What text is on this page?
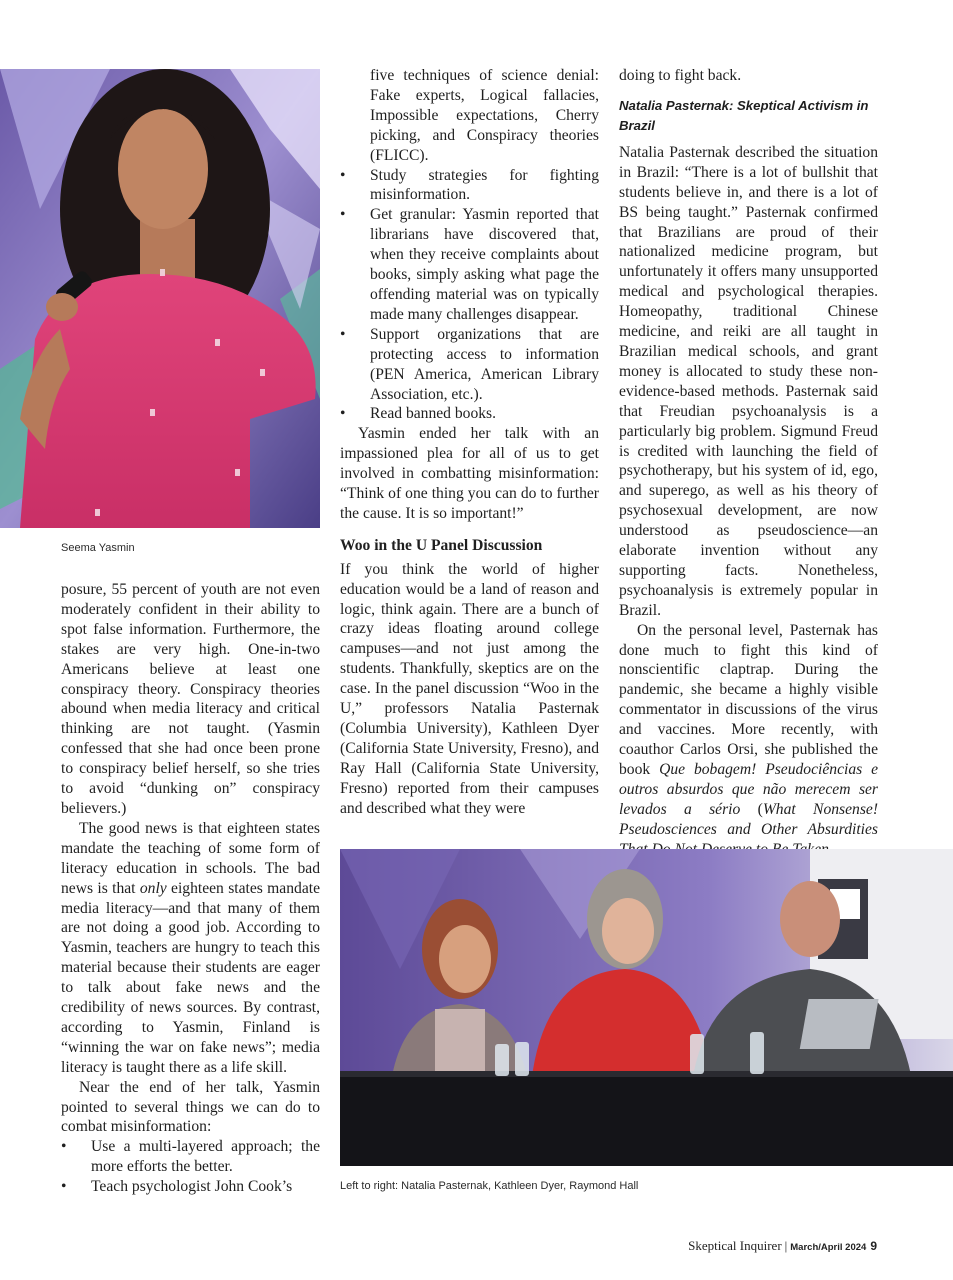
Seema Yasmin

posure, 55 percent of youth are not even moderately confident in their ability to spot false information. Furthermore, the stakes are very high. One-in-two Americans believe at least one conspiracy theory. Conspiracy theories abound when media literacy and critical thinking are not taught. (Yasmin confessed that she had once been prone to conspiracy belief herself, so she tries to avoid “dunking on” conspiracy believers.)

The good news is that eighteen states mandate the teaching of some form of literacy education in schools. The bad news is that only eighteen states mandate media literacy—and that many of them are not doing a good job. According to Yasmin, teachers are hungry to teach this material because their students are eager to talk about fake news and the credibility of news sources. By contrast, according to Yasmin, Finland is “winning the war on fake news”; media literacy is taught there as a life skill.

Near the end of her talk, Yasmin pointed to several things we can do to combat misinformation:

• Use a multi-layered approach; the more efforts the better.
• Teach psychologist John Cook’s

five techniques of science denial: Fake experts, Logical fallacies, Impossible expectations, Cherry picking, and Conspiracy theories (FLICC).

• Study strategies for fighting misinformation.
• Get granular: Yasmin reported that librarians have discovered that, when they receive complaints about books, simply asking what page the offending material was on typically made many challenges disappear.
• Support organizations that are protecting access to information (PEN America, American Library Association, etc.).
• Read banned books.

Yasmin ended her talk with an impassioned plea for all of us to get involved in combatting misinformation: “Think of one thing you can do to further the cause. It is so important!”

Woo in the U Panel Discussion

If you think the world of higher education would be a land of reason and logic, think again. There are a bunch of crazy ideas floating around college campuses—and not just among the students. Thankfully, skeptics are on the case. In the panel discussion “Woo in the U,” professors Natalia Pasternak (Columbia University), Kathleen Dyer (California State University, Fresno), and Ray Hall (California State University, Fresno) reported from their campuses and described what they were

doing to fight back.

Natalia Pasternak: Skeptical Activism in Brazil

Natalia Pasternak described the situation in Brazil: “There is a lot of bullshit that students believe in, and there is a lot of BS being taught.” Pasternak confirmed that Brazilians are proud of their nationalized medicine program, but unfortunately it offers many unsupported medical and psychological therapies. Homeopathy, traditional Chinese medicine, and reiki are all taught in Brazilian medical schools, and grant money is allocated to study these non-evidence-based methods. Pasternak said that Freudian psychoanalysis is a particularly big problem. Sigmund Freud is credited with launching the field of psychotherapy, but his system of id, ego, and superego, as well as his theory of psychosexual development, are now understood as pseudoscience—an elaborate invention without any supporting facts. Nonetheless, psychoanalysis is extremely popular in Brazil.

On the personal level, Pasternak has done much to fight this kind of nonscientific claptrap. During the pandemic, she became a highly visible commentator in discussions of the virus and vaccines. More recently, with coauthor Carlos Orsi, she published the book Que bobagem! Pseudociências e outros absurdos que não merecem ser levados a sério (What Nonsense! Pseudosciences and Other Absurdities

Left to right: Natalia Pasternak, Kathleen Dyer, Raymond Hall
Skeptical Inquirer | March/April 2024 9
